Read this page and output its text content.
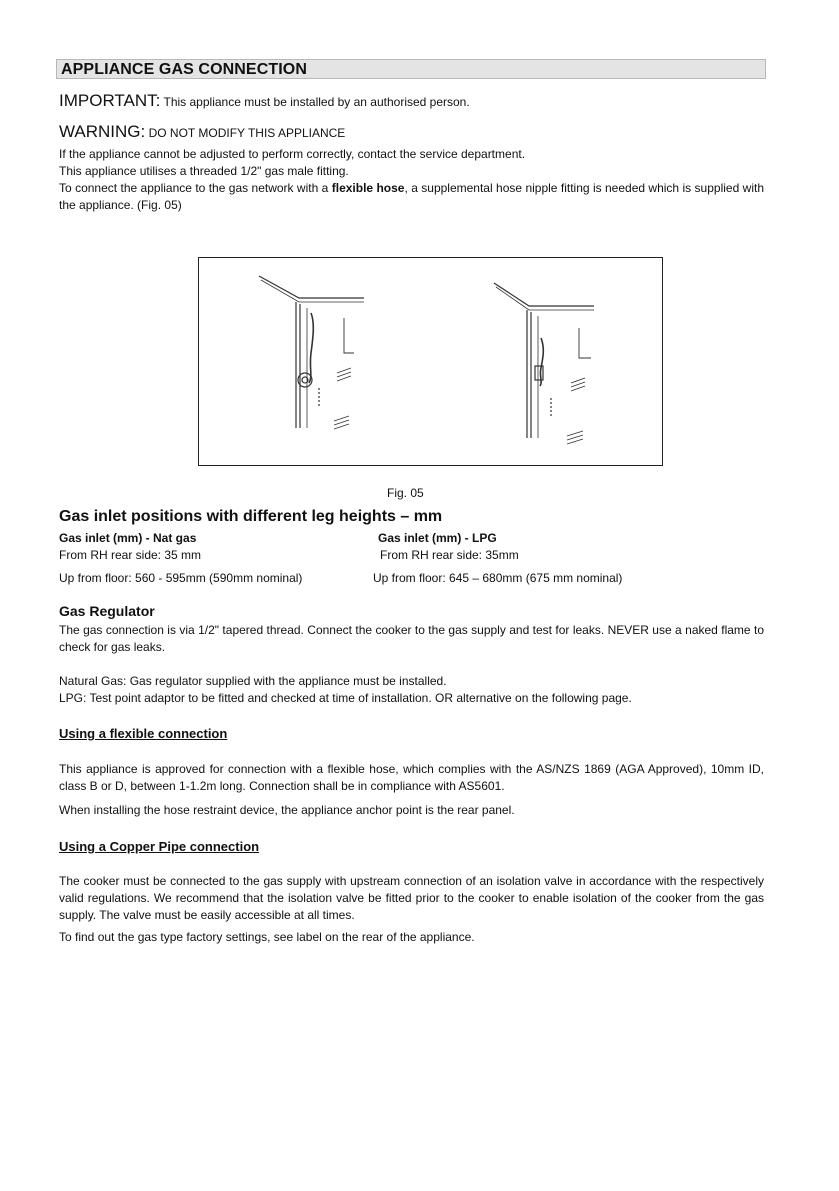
APPLIANCE GAS CONNECTION
IMPORTANT: This appliance must be installed by an authorised person.
WARNING: DO NOT MODIFY THIS APPLIANCE
If the appliance cannot be adjusted to perform correctly, contact the service department.
This appliance utilises a threaded 1/2" gas male fitting.
To connect the appliance to the gas network with a flexible hose, a supplemental hose nipple fitting is needed which is supplied with the appliance. (Fig. 05)
Fig. 05
Gas inlet positions with different leg heights – mm
Gas inlet (mm) - Nat gas	Gas inlet (mm) - LPG
From RH rear side: 35 mm	From RH rear side: 35mm
Up from floor: 560 - 595mm (590mm nominal)	Up from floor: 645 – 680mm (675 mm nominal)
Gas Regulator
The gas connection is via 1/2" tapered thread. Connect the cooker to the gas supply and test for leaks. NEVER use a naked flame to check for gas leaks.
Natural Gas: Gas regulator supplied with the appliance must be installed.
LPG: Test point adaptor to be fitted and checked at time of installation. OR alternative on the following page.
Using a flexible connection
This appliance is approved for connection with a flexible hose, which complies with the AS/NZS 1869 (AGA Approved), 10mm ID, class B or D, between 1-1.2m long. Connection shall be in compliance with AS5601.
When installing the hose restraint device, the appliance anchor point is the rear panel.
Using a Copper Pipe connection
The cooker must be connected to the gas supply with upstream connection of an isolation valve in accordance with the respectively valid regulations. We recommend that the isolation valve be fitted prior to the cooker to enable isolation of the cooker from the gas supply. The valve must be easily accessible at all times.
To find out the gas type factory settings, see label on the rear of the appliance.
